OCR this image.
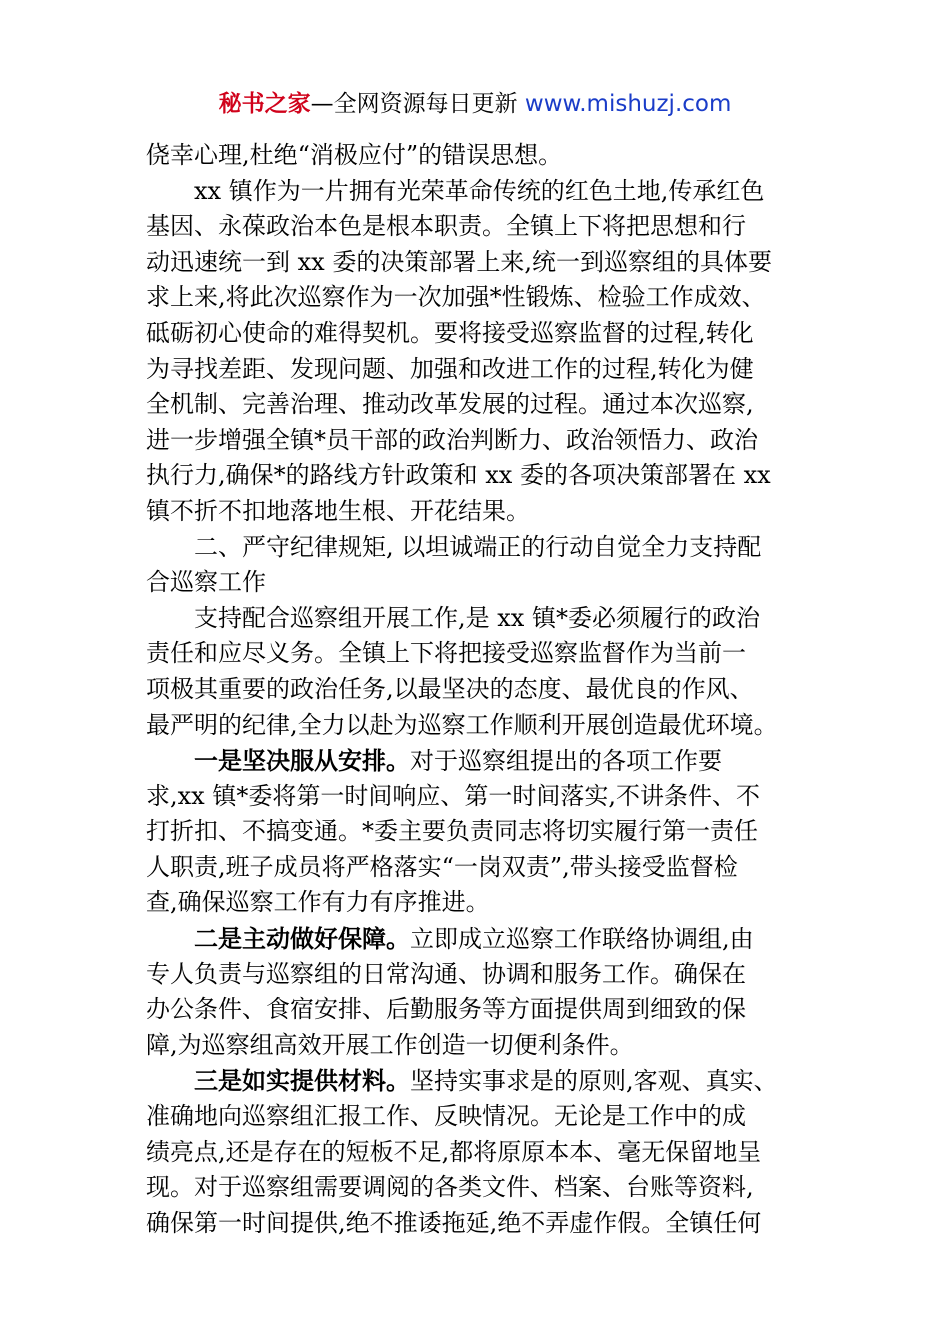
秘书之家—全网资源每日更新 www.mishuzj.com
侥幸心理,杜绝“消极应付”的错误思想。
xx 镇作为一片拥有光荣革命传统的红色土地,传承红色
基因、永葆政治本色是根本职责。全镇上下将把思想和行
动迅速统一到 xx 委的决策部署上来,统一到巡察组的具体要
求上来,将此次巡察作为一次加强*性锻炼、检验工作成效、
砥砺初心使命的难得契机。要将接受巡察监督的过程,转化
为寻找差距、发现问题、加强和改进工作的过程,转化为健
全机制、完善治理、推动改革发展的过程。通过本次巡察,
进一步增强全镇*员干部的政治判断力、政治领悟力、政治
执行力,确保*的路线方针政策和 xx 委的各项决策部署在 xx
镇不折不扣地落地生根、开花结果。
二、严守纪律规矩, 以坦诚端正的行动自觉全力支持配
合巡察工作
支持配合巡察组开展工作,是 xx 镇*委必须履行的政治
责任和应尽义务。全镇上下将把接受巡察监督作为当前一
项极其重要的政治任务,以最坚决的态度、最优良的作风、
最严明的纪律,全力以赴为巡察工作顺利开展创造最优环境。
一是坚决服从安排。对于巡察组提出的各项工作要
求,xx 镇*委将第一时间响应、第一时间落实,不讲条件、不
打折扣、不搞变通。*委主要负责同志将切实履行第一责任
人职责,班子成员将严格落实“一岗双责”,带头接受监督检
查,确保巡察工作有力有序推进。
二是主动做好保障。立即成立巡察工作联络协调组,由
专人负责与巡察组的日常沟通、协调和服务工作。确保在
办公条件、食宿安排、后勤服务等方面提供周到细致的保
障,为巡察组高效开展工作创造一切便利条件。
三是如实提供材料。坚持实事求是的原则,客观、真实、
准确地向巡察组汇报工作、反映情况。无论是工作中的成
绩亮点,还是存在的短板不足,都将原原本本、毫无保留地呈
现。对于巡察组需要调阅的各类文件、档案、台账等资料,
确保第一时间提供,绝不推诿拖延,绝不弄虚作假。全镇任何
